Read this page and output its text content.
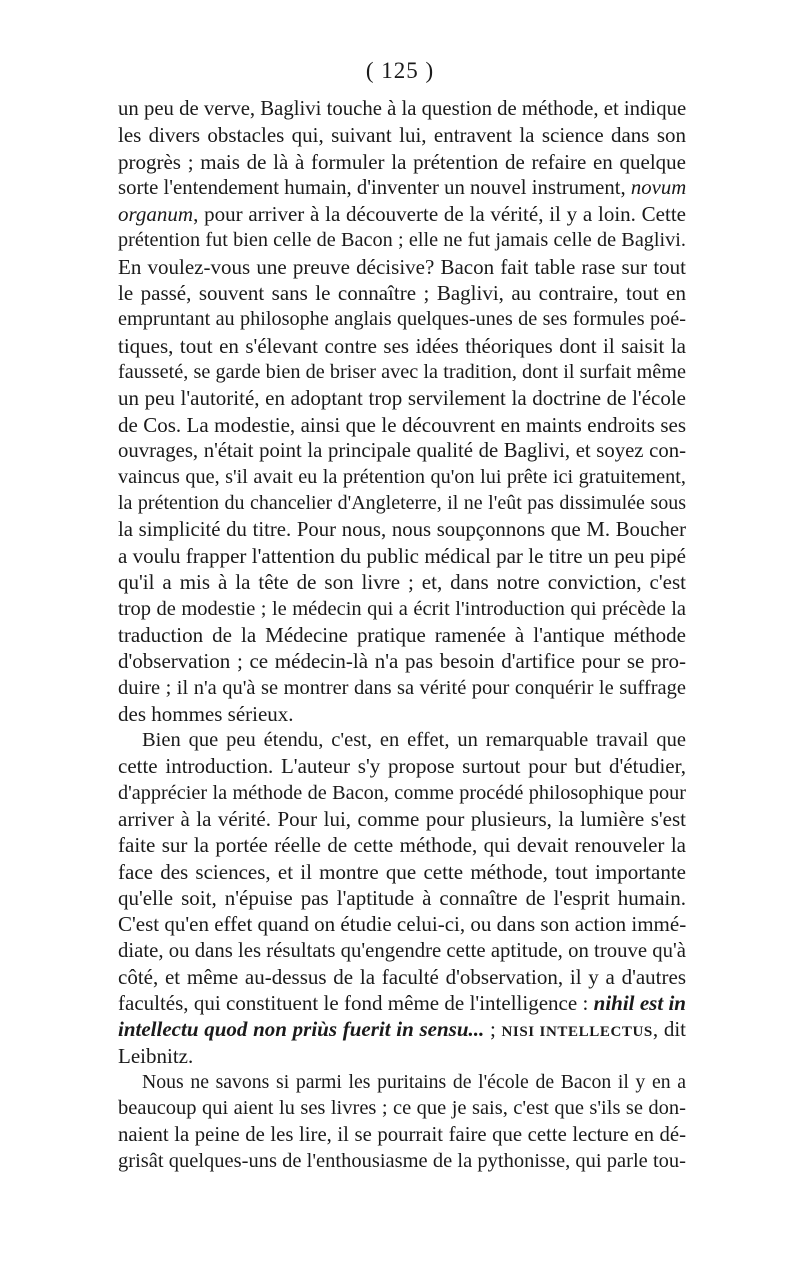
( 125 )
un peu de verve, Baglivi touche à la question de méthode, et indique
les divers obstacles qui, suivant lui, entravent la science dans son
progrès ; mais de là à formuler la prétention de refaire en quelque
sorte l'entendement humain, d'inventer un nouvel instrument, novum
organum, pour arriver à la découverte de la vérité, il y a loin. Cette
prétention fut bien celle de Bacon ; elle ne fut jamais celle de Baglivi.
En voulez-vous une preuve décisive? Bacon fait table rase sur tout
le passé, souvent sans le connaître ; Baglivi, au contraire, tout en
empruntant au philosophe anglais quelques-unes de ses formules poé-
tiques, tout en s'élevant contre ses idées théoriques dont il saisit la
fausseté, se garde bien de briser avec la tradition, dont il surfait même
un peu l'autorité, en adoptant trop servilement la doctrine de l'école
de Cos. La modestie, ainsi que le découvrent en maints endroits ses
ouvrages, n'était point la principale qualité de Baglivi, et soyez con-
vaincus que, s'il avait eu la prétention qu'on lui prête ici gratuitement,
la prétention du chancelier d'Angleterre, il ne l'eût pas dissimulée sous
la simplicité du titre. Pour nous, nous soupçonnons que M. Boucher
a voulu frapper l'attention du public médical par le titre un peu pipé
qu'il a mis à la tête de son livre ; et, dans notre conviction, c'est
trop de modestie ; le médecin qui a écrit l'introduction qui précède la
traduction de la Médecine pratique ramenée à l'antique méthode
d'observation ; ce médecin-là n'a pas besoin d'artifice pour se pro-
duire ; il n'a qu'à se montrer dans sa vérité pour conquérir le suffrage
des hommes sérieux.
Bien que peu étendu, c'est, en effet, un remarquable travail que
cette introduction. L'auteur s'y propose surtout pour but d'étudier,
d'apprécier la méthode de Bacon, comme procédé philosophique pour
arriver à la vérité. Pour lui, comme pour plusieurs, la lumière s'est
faite sur la portée réelle de cette méthode, qui devait renouveler la
face des sciences, et il montre que cette méthode, tout importante
qu'elle soit, n'épuise pas l'aptitude à connaître de l'esprit humain.
C'est qu'en effet quand on étudie celui-ci, ou dans son action immé-
diate, ou dans les résultats qu'engendre cette aptitude, on trouve qu'à
côté, et même au-dessus de la faculté d'observation, il y a d'autres
facultés, qui constituent le fond même de l'intelligence : nihil est in
intellectu quod non priùs fuerit in sensu... ; NISI INTELLECTUS, dit
Leibnitz.
Nous ne savons si parmi les puritains de l'école de Bacon il y en a
beaucoup qui aient lu ses livres ; ce que je sais, c'est que s'ils se don-
naient la peine de les lire, il se pourrait faire que cette lecture en dé-
grisât quelques-uns de l'enthousiasme de la pythonisse, qui parle tou-
